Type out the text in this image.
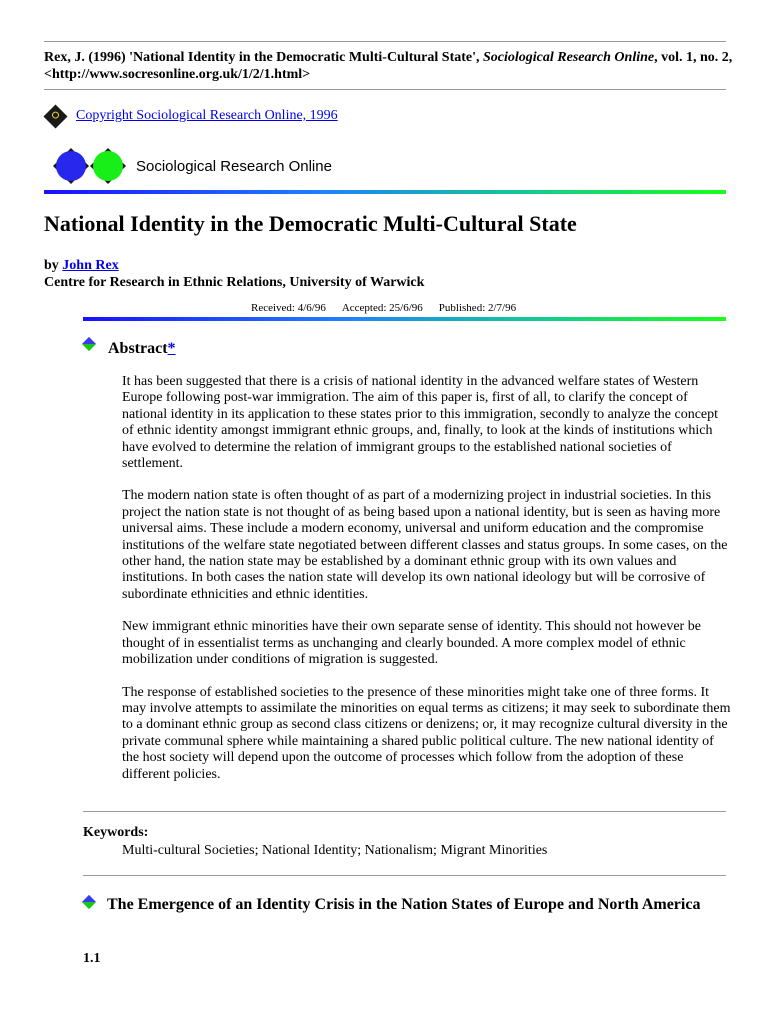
Rex, J. (1996) 'National Identity in the Democratic Multi-Cultural State', Sociological Research Online, vol. 1, no. 2, <http://www.socresonline.org.uk/1/2/1.html>
Copyright Sociological Research Online, 1996
Sociological Research Online
National Identity in the Democratic Multi-Cultural State
by John Rex
Centre for Research in Ethnic Relations, University of Warwick
Received: 4/6/96 Accepted: 25/6/96 Published: 2/7/96
Abstract*

It has been suggested that there is a crisis of national identity in the advanced welfare states of Western Europe following post-war immigration. The aim of this paper is, first of all, to clarify the concept of national identity in its application to these states prior to this immigration, secondly to analyze the concept of ethnic identity amongst immigrant ethnic groups, and, finally, to look at the kinds of institutions which have evolved to determine the relation of immigrant groups to the established national societies of settlement.

The modern nation state is often thought of as part of a modernizing project in industrial societies. In this project the nation state is not thought of as being based upon a national identity, but is seen as having more universal aims. These include a modern economy, universal and uniform education and the compromise institutions of the welfare state negotiated between different classes and status groups. In some cases, on the other hand, the nation state may be established by a dominant ethnic group with its own values and institutions. In both cases the nation state will develop its own national ideology but will be corrosive of subordinate ethnicities and ethnic identities.

New immigrant ethnic minorities have their own separate sense of identity. This should not however be thought of in essentialist terms as unchanging and clearly bounded. A more complex model of ethnic mobilization under conditions of migration is suggested.

The response of established societies to the presence of these minorities might take one of three forms. It may involve attempts to assimilate the minorities on equal terms as citizens; it may seek to subordinate them to a dominant ethnic group as second class citizens or denizens; or, it may recognize cultural diversity in the private communal sphere while maintaining a shared public political culture. The new national identity of the host society will depend upon the outcome of processes which follow from the adoption of these different policies.

Keywords:
Multi-cultural Societies; National Identity; Nationalism; Migrant Minorities
The Emergence of an Identity Crisis in the Nation States of Europe and North America
1.1
